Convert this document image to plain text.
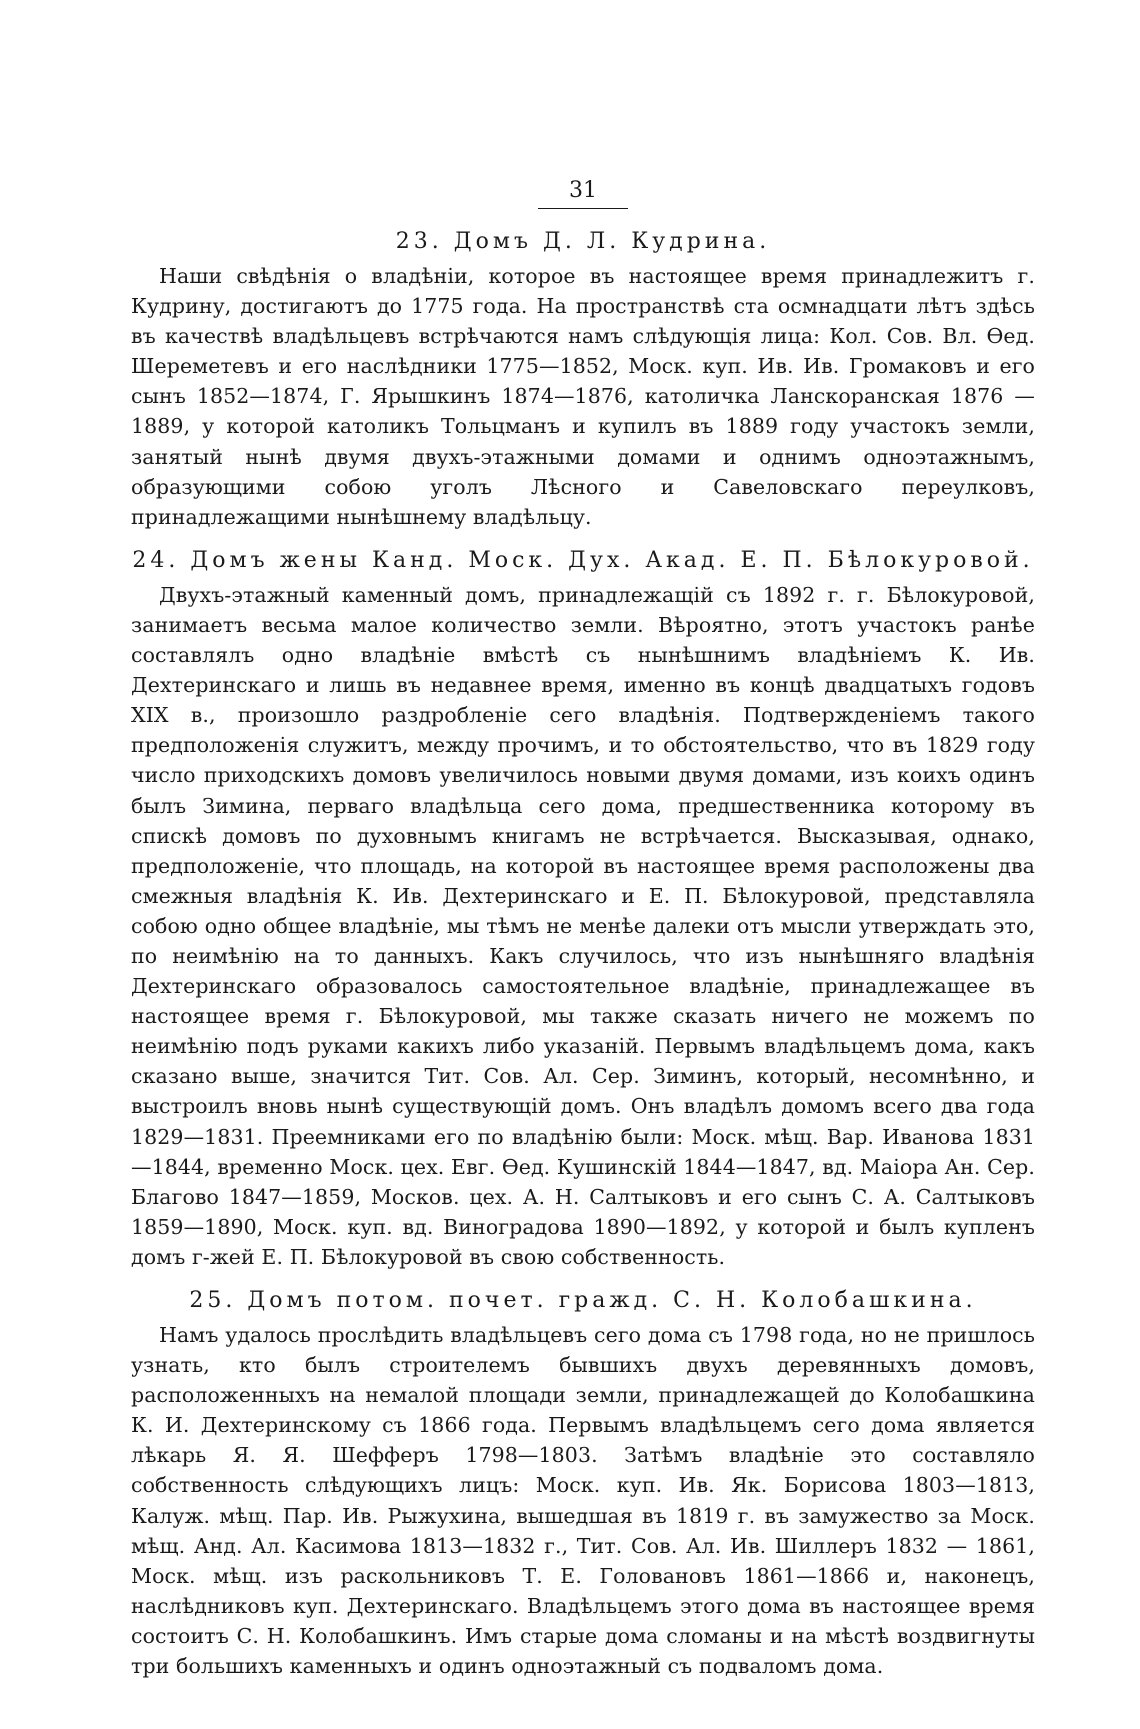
31
23. Домъ Д. Л. Кудрина.

Наши свѣдѣнія о владѣніи, которое въ настоящее время принадлежитъ г. Кудрину, достигаютъ до 1775 года. На пространствѣ ста осмнадцати лѣтъ здѣсь въ качествѣ владѣльцевъ встрѣчаются намъ слѣдующія лица: Кол. Сов. Вл. Ѳед. Шереметевъ и его наслѣдники 1775—1852, Моск. куп. Ив. Ив. Громаковъ и его сынъ 1852—1874, Г. Ярышкинъ 1874—1876, католичка Ланскоранская 1876 — 1889, у которой католикъ Тольцманъ и купилъ въ 1889 году участокъ земли, занятый нынѣ двумя двухъ-этажными домами и однимъ одноэтажнымъ, образующими собою уголъ Лѣсного и Савеловскаго переулковъ, принадлежащими нынѣшнему владѣльцу.

24. Домъ жены Канд. Моск. Дух. Акад. Е. П. Бѣлокуровой.

Двухъ-этажный каменный домъ, принадлежащій съ 1892 г. г. Бѣлокуровой, занимаетъ весьма малое количество земли. Вѣроятно, этотъ участокъ ранѣе составлялъ одно владѣніе вмѣстѣ съ нынѣшнимъ владѣніемъ К. Ив. Дехтеринскаго и лишь въ недавнее время, именно въ концѣ двадцатыхъ годовъ XIX в., произошло раздробленіе сего владѣнія. Подтвержденіемъ такого предположенія служитъ, между прочимъ, и то обстоятельство, что въ 1829 году число приходскихъ домовъ увеличилось новыми двумя домами, изъ коихъ одинъ былъ Зимина, перваго владѣльца сего дома, предшественника которому въ спискѣ домовъ по духовнымъ книгамъ не встрѣчается. Высказывая, однако, предположеніе, что площадь, на которой въ настоящее время расположены два смежныя владѣнія К. Ив. Дехтеринскаго и Е. П. Бѣлокуровой, представляла собою одно общее владѣніе, мы тѣмъ не менѣе далеки отъ мысли утверждать это, по неимѣнію на то данныхъ. Какъ случилось, что изъ нынѣшняго владѣнія Дехтеринскаго образовалось самостоятельное владѣніе, принадлежащее въ настоящее время г. Бѣлокуровой, мы также сказать ничего не можемъ по неимѣнію подъ руками какихъ либо указаній. Первымъ владѣльцемъ дома, какъ сказано выше, значится Тит. Сов. Ал. Сер. Зиминъ, который, несомнѣнно, и выстроилъ вновь нынѣ существующій домъ. Онъ владѣлъ домомъ всего два года 1829—1831. Преемниками его по владѣнію были: Моск. мѣщ. Вар. Иванова 1831—1844, временно Моск. цех. Евг. Ѳед. Кушинскій 1844—1847, вд. Маіора Ан. Сер. Благово 1847—1859, Москов. цех. А. Н. Салтыковъ и его сынъ С. А. Салтыковъ 1859—1890, Моск. куп. вд. Виноградова 1890—1892, у которой и былъ купленъ домъ г-жей Е. П. Бѣлокуровой въ свою собственность.

25. Домъ потом. почет. гражд. С. Н. Колобашкина.

Намъ удалось прослѣдить владѣльцевъ сего дома съ 1798 года, но не пришлось узнать, кто былъ строителемъ бывшихъ двухъ деревянныхъ домовъ, расположенныхъ на немалой площади земли, принадлежащей до Колобашкина К. И. Дехтеринскому съ 1866 года. Первымъ владѣльцемъ сего дома является лѣкарь Я. Я. Шефферъ 1798—1803. Затѣмъ владѣніе это составляло собственность слѣдующихъ лицъ: Моск. куп. Ив. Як. Борисова 1803—1813, Калуж. мѣщ. Пар. Ив. Рыжухина, вышедшая въ 1819 г. въ замужество за Моск. мѣщ. Анд. Ал. Касимова 1813—1832 г., Тит. Сов. Ал. Ив. Шиллеръ 1832 — 1861, Моск. мѣщ. изъ раскольниковъ Т. Е. Головановъ 1861—1866 и, наконецъ, наслѣдниковъ куп. Дехтеринскаго. Владѣльцемъ этого дома въ настоящее время состоитъ С. Н. Колобашкинъ. Имъ старые дома сломаны и на мѣстѣ воздвигнуты три большихъ каменныхъ и одинъ одноэтажный съ подваломъ дома.
